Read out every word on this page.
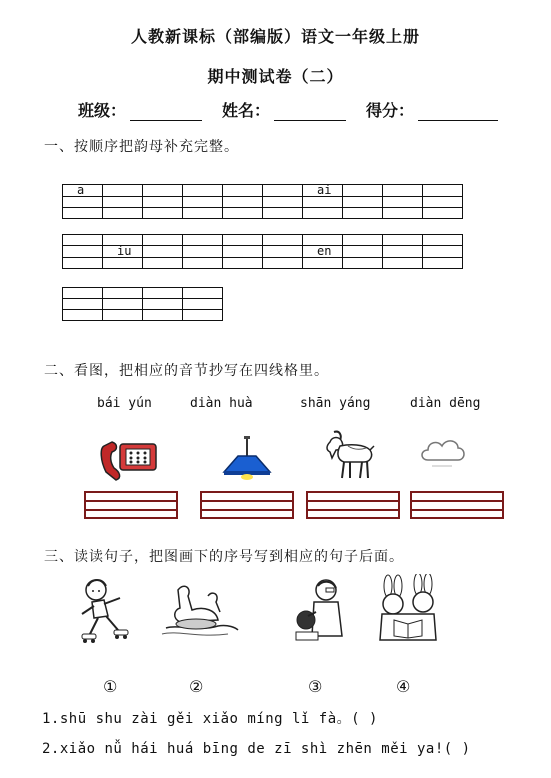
人教新课标（部编版）语文一年级上册
期中测试卷（二）
班级：	姓名：	得分：
一、按顺序把韵母补充完整。
a						ai			

	iu					en			

二、看图，把相应的音节抄写在四线格里。
bái yún	diàn huà	shān yáng	diàn dēng
三、读读句子，把图画下的序号写到相应的句子后面。
①	②	③	④
1.shū shu zài gěi xiǎo míng lǐ fà。( )
2.xiǎo nǚ hái huá bīng de zī shì zhēn měi ya!( )
